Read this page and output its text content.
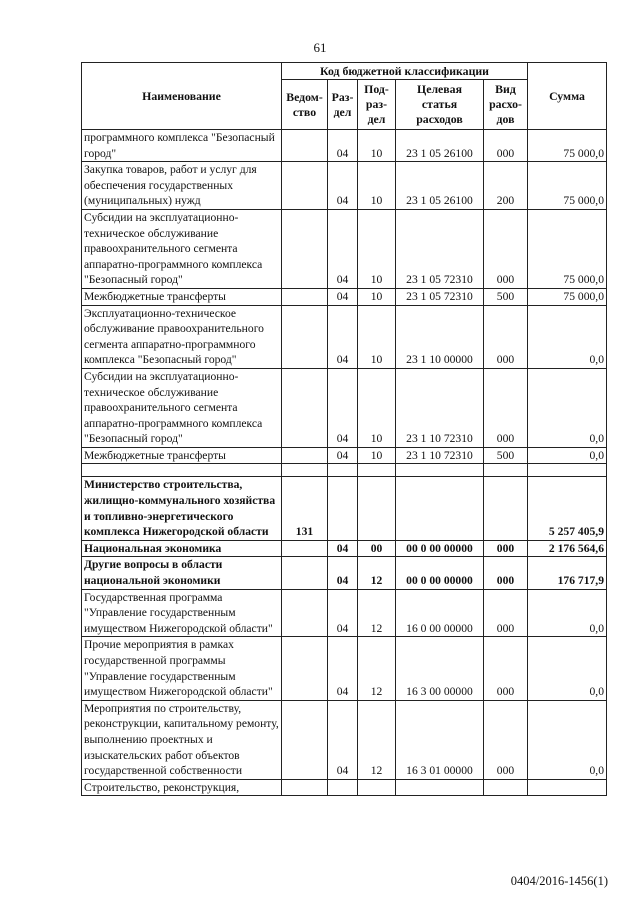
61
Наименование	Код бюджетной классификации					Сумма
	Ведом-ство	Раз-дел	Под-раз-дел	Целевая статья расходов	Вид расхо-дов	
программного комплекса "Безопасный город"		04	10	23 1 05 26100	000	75 000,0
Закупка товаров, работ и услуг для обеспечения государственных (муниципальных) нужд		04	10	23 1 05 26100	200	75 000,0
Субсидии на эксплуатационно-техническое обслуживание правоохранительного сегмента аппаратно-программного комплекса "Безопасный город"		04	10	23 1 05 72310	000	75 000,0
Межбюджетные трансферты		04	10	23 1 05 72310	500	75 000,0
Эксплуатационно-техническое обслуживание правоохранительного сегмента аппаратно-программного комплекса "Безопасный город"		04	10	23 1 10 00000	000	0,0
Субсидии на эксплуатационно-техническое обслуживание правоохранительного сегмента аппаратно-программного комплекса "Безопасный город"		04	10	23 1 10 72310	000	0,0
Межбюджетные трансферты		04	10	23 1 10 72310	500	0,0

Министерство строительства, жилищно-коммунального хозяйства и топливно-энергетического комплекса Нижегородской области	131					5 257 405,9
Национальная экономика		04	00	00 0 00 00000	000	2 176 564,6
Другие вопросы в области национальной экономики		04	12	00 0 00 00000	000	176 717,9
Государственная программа "Управление государственным имуществом Нижегородской области"		04	12	16 0 00 00000	000	0,0
Прочие мероприятия в рамках государственной программы "Управление государственным имуществом Нижегородской области"		04	12	16 3 00 00000	000	0,0
Мероприятия по строительству, реконструкции, капитальному ремонту, выполнению проектных и изыскательских работ объектов государственной собственности		04	12	16 3 01 00000	000	0,0
Строительство, реконструкция,						
0404/2016-1456(1)
